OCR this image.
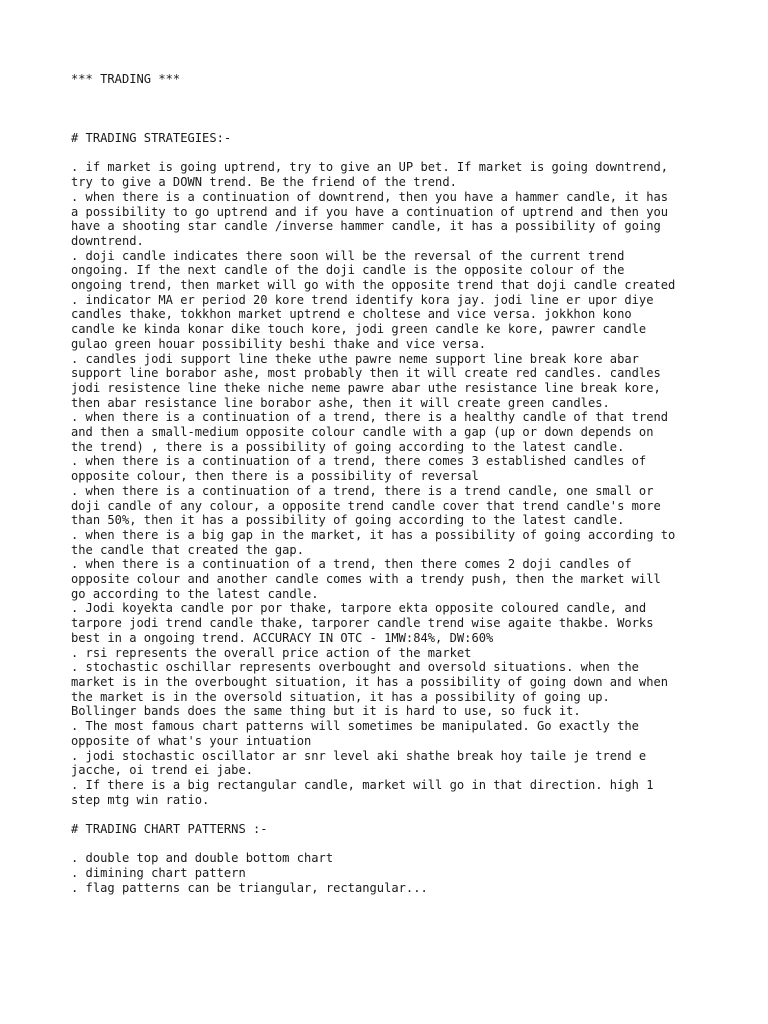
*** TRADING ***
# TRADING STRATEGIES:-
. if market is going uptrend, try to give an UP bet. If market is going downtrend,
try to give a DOWN trend. Be the friend of the trend.
. when there is a continuation of downtrend, then you have a hammer candle, it has
a possibility to go uptrend and if you have a continuation of uptrend and then you
have a shooting star candle /inverse hammer candle, it has a possibility of going
downtrend.
. doji candle indicates there soon will be the reversal of the current trend
ongoing. If the next candle of the doji candle is the opposite colour of the
ongoing trend, then market will go with the opposite trend that doji candle created
. indicator MA er period 20 kore trend identify kora jay. jodi line er upor diye
candles thake, tokkhon market uptrend e choltese and vice versa. jokkhon kono
candle ke kinda konar dike touch kore, jodi green candle ke kore, pawrer candle
gulao green houar possibility beshi thake and vice versa.
. candles jodi support line theke uthe pawre neme support line break kore abar
support line borabor ashe, most probably then it will create red candles. candles
jodi resistence line theke niche neme pawre abar uthe resistance line break kore,
then abar resistance line borabor ashe, then it will create green candles.
. when there is a continuation of a trend, there is a healthy candle of that trend
and then a small-medium opposite colour candle with a gap (up or down depends on
the trend) , there is a possibility of going according to the latest candle.
. when there is a continuation of a trend, there comes 3 established candles of
opposite colour, then there is a possibility of reversal
. when there is a continuation of a trend, there is a trend candle, one small or
doji candle of any colour, a opposite trend candle cover that trend candle's more
than 50%, then it has a possibility of going according to the latest candle.
. when there is a big gap in the market, it has a possibility of going according to
the candle that created the gap.
. when there is a continuation of a trend, then there comes 2 doji candles of
opposite colour and another candle comes with a trendy push, then the market will
go according to the latest candle.
. Jodi koyekta candle por por thake, tarpore ekta opposite coloured candle, and
tarpore jodi trend candle thake, tarporer candle trend wise agaite thakbe. Works
best in a ongoing trend. ACCURACY IN OTC - 1MW:84%, DW:60%
. rsi represents the overall price action of the market
. stochastic oschillar represents overbought and oversold situations. when the
market is in the overbought situation, it has a possibility of going down and when
the market is in the oversold situation, it has a possibility of going up.
Bollinger bands does the same thing but it is hard to use, so fuck it.
. The most famous chart patterns will sometimes be manipulated. Go exactly the
opposite of what's your intuation
. jodi stochastic oscillator ar snr level aki shathe break hoy taile je trend e
jacche, oi trend ei jabe.
. If there is a big rectangular candle, market will go in that direction. high 1
step mtg win ratio.
# TRADING CHART PATTERNS :-
. double top and double bottom chart
. dimining chart pattern
. flag patterns can be triangular, rectangular...
